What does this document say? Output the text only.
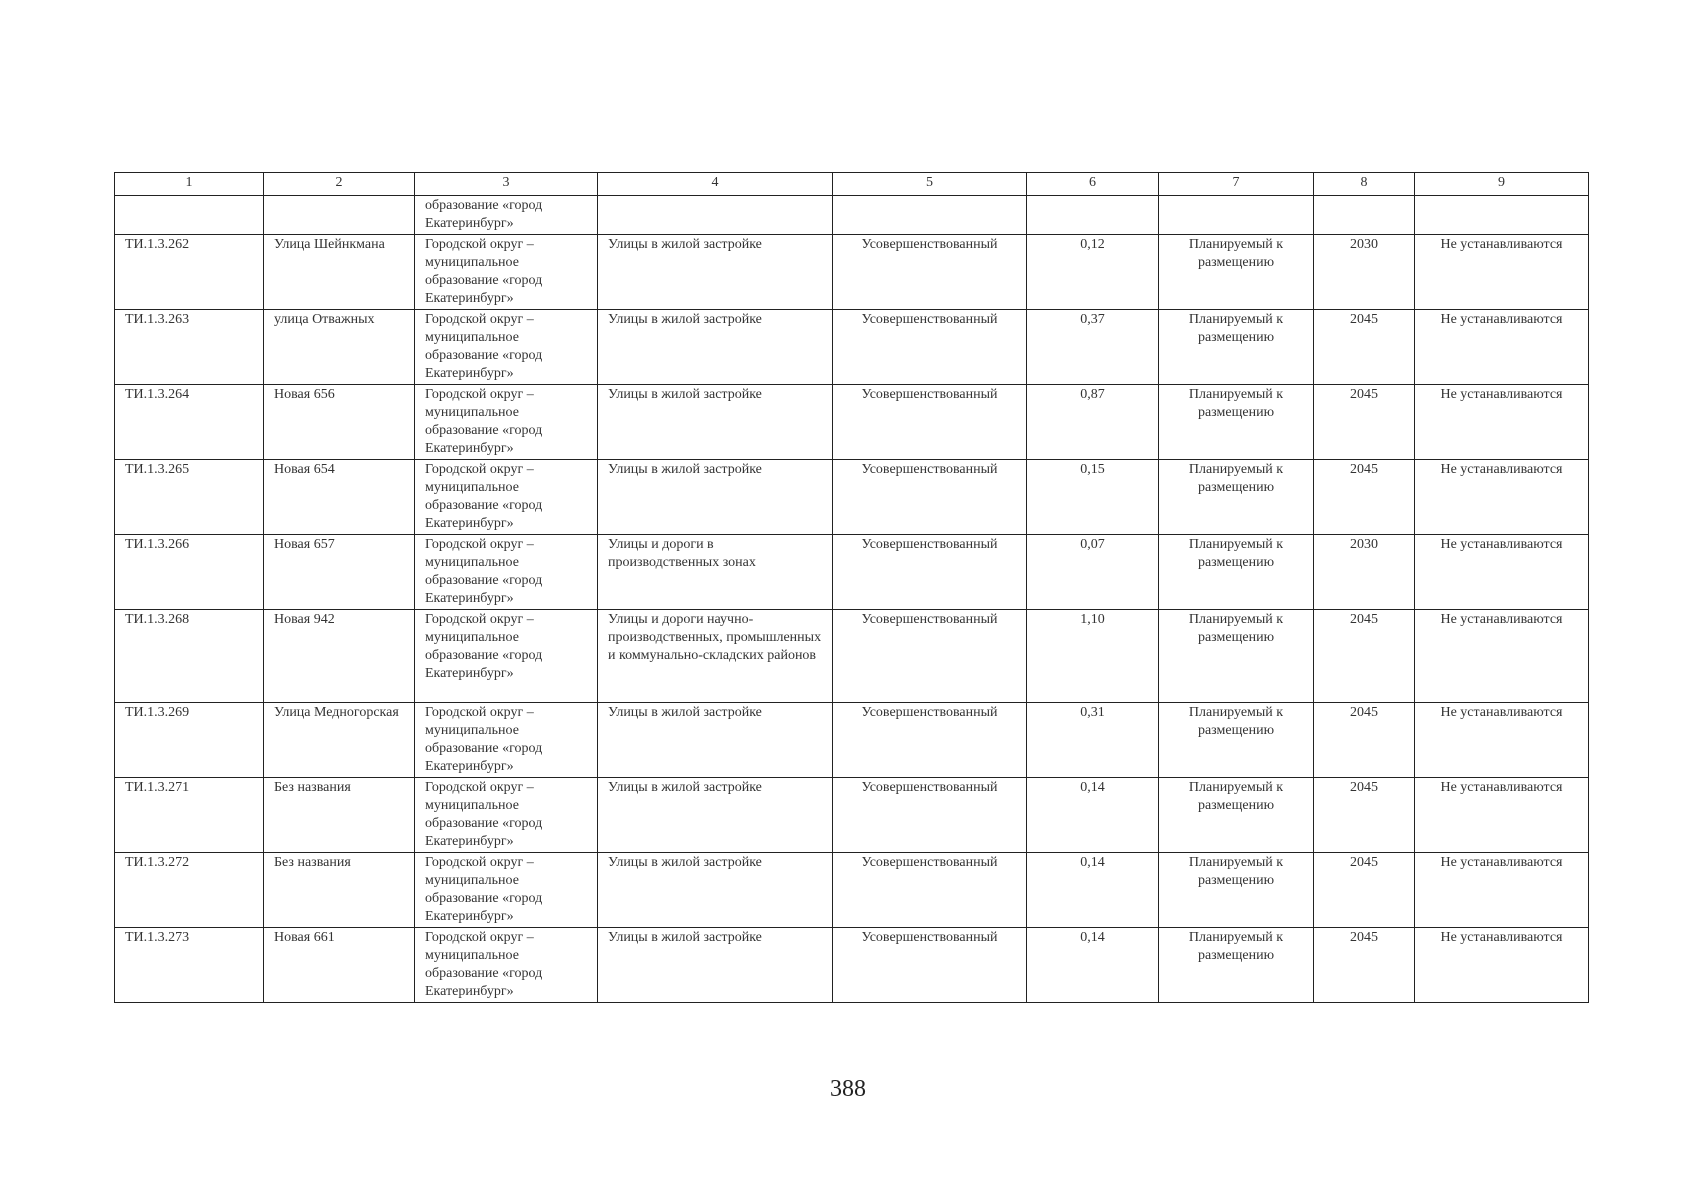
1	2	3	4	5	6	7	8	9
		образование «город Екатеринбург»						
ТИ.1.3.262	Улица Шейнкмана	Городской округ – муниципальное образование «город Екатеринбург»	Улицы в жилой застройке	Усовершенствованный	0,12	Планируемый к размещению	2030	Не устанавливаются
ТИ.1.3.263	улица Отважных	Городской округ – муниципальное образование «город Екатеринбург»	Улицы в жилой застройке	Усовершенствованный	0,37	Планируемый к размещению	2045	Не устанавливаются
ТИ.1.3.264	Новая 656	Городской округ – муниципальное образование «город Екатеринбург»	Улицы в жилой застройке	Усовершенствованный	0,87	Планируемый к размещению	2045	Не устанавливаются
ТИ.1.3.265	Новая 654	Городской округ – муниципальное образование «город Екатеринбург»	Улицы в жилой застройке	Усовершенствованный	0,15	Планируемый к размещению	2045	Не устанавливаются
ТИ.1.3.266	Новая 657	Городской округ – муниципальное образование «город Екатеринбург»	Улицы и дороги в производственных зонах	Усовершенствованный	0,07	Планируемый к размещению	2030	Не устанавливаются
ТИ.1.3.268	Новая 942	Городской округ – муниципальное образование «город Екатеринбург»	Улицы и дороги научно-производственных, промышленных и коммунально-складских районов	Усовершенствованный	1,10	Планируемый к размещению	2045	Не устанавливаются
ТИ.1.3.269	Улица Медногорская	Городской округ – муниципальное образование «город Екатеринбург»	Улицы в жилой застройке	Усовершенствованный	0,31	Планируемый к размещению	2045	Не устанавливаются
ТИ.1.3.271	Без названия	Городской округ – муниципальное образование «город Екатеринбург»	Улицы в жилой застройке	Усовершенствованный	0,14	Планируемый к размещению	2045	Не устанавливаются
ТИ.1.3.272	Без названия	Городской округ – муниципальное образование «город Екатеринбург»	Улицы в жилой застройке	Усовершенствованный	0,14	Планируемый к размещению	2045	Не устанавливаются
ТИ.1.3.273	Новая 661	Городской округ – муниципальное образование «город Екатеринбург»	Улицы в жилой застройке	Усовершенствованный	0,14	Планируемый к размещению	2045	Не устанавливаются
388
